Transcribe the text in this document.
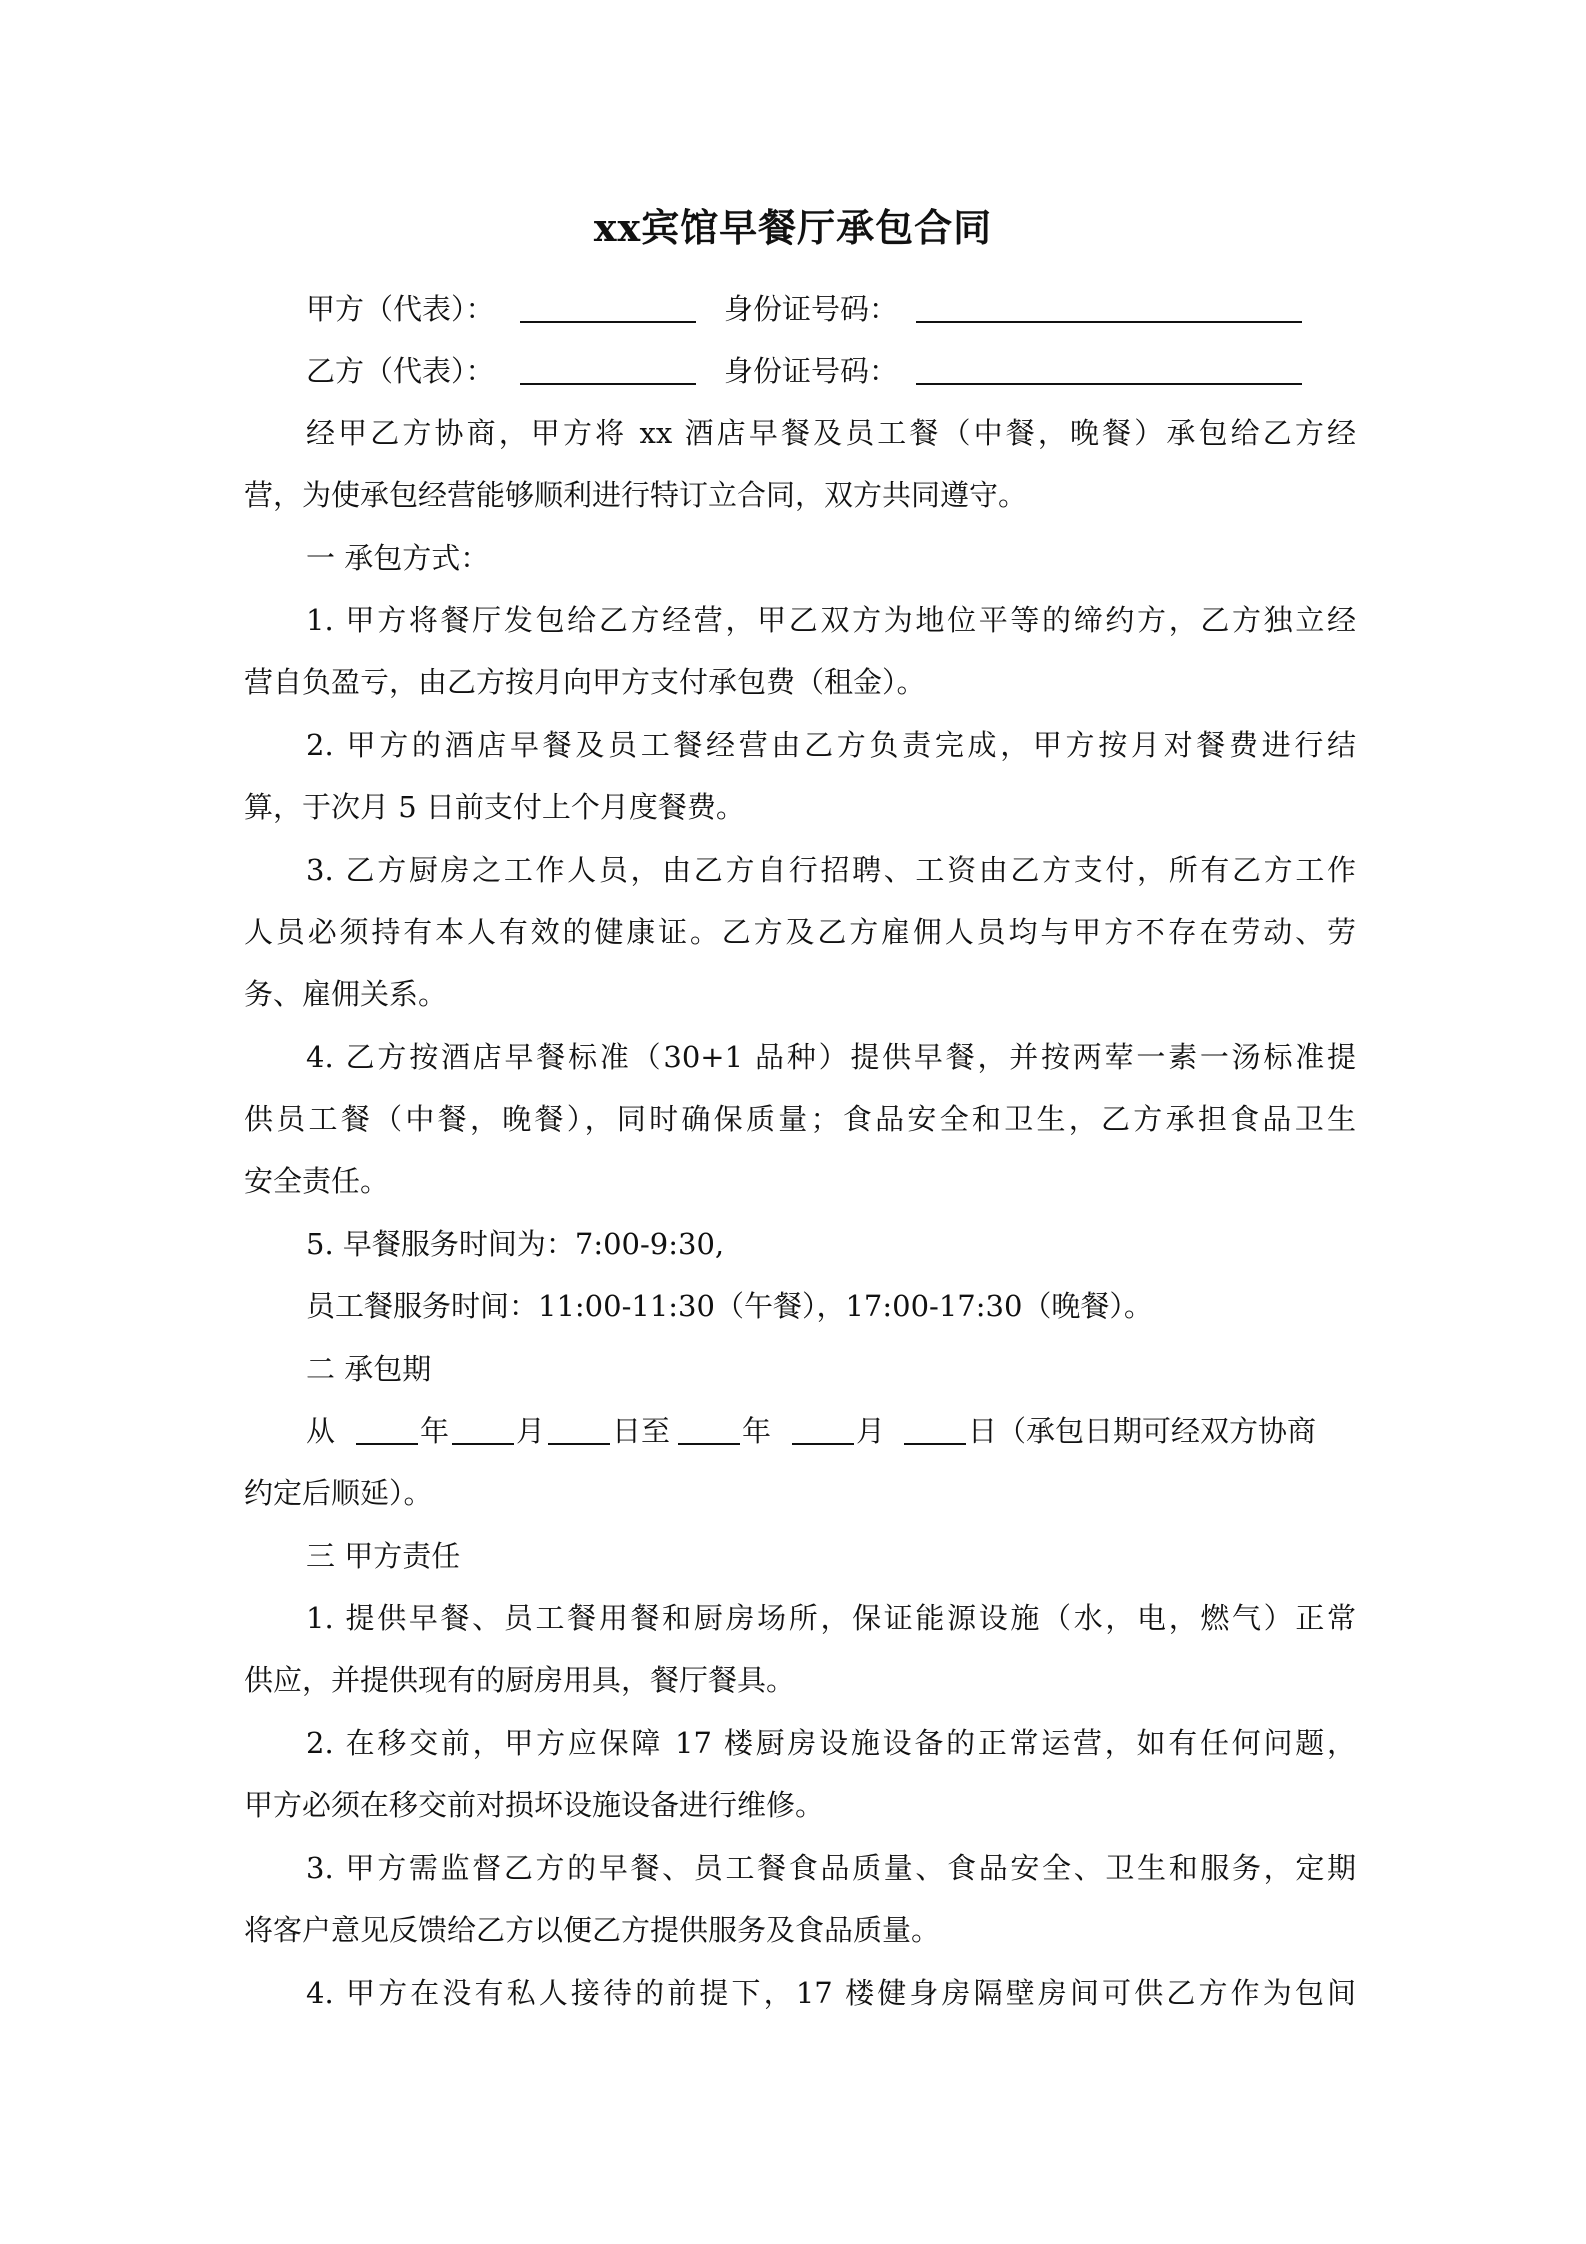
xx宾馆早餐厅承包合同
甲方（代表）：	身份证号码：
乙方（代表）：	身份证号码：
经甲乙方协商，甲方将 xx 酒店早餐及员工餐（中餐，晚餐）承包给乙方经
营，为使承包经营能够顺利进行特订立合同，双方共同遵守。
一 承包方式：
1. 甲方将餐厅发包给乙方经营，甲乙双方为地位平等的缔约方，乙方独立经
营自负盈亏，由乙方按月向甲方支付承包费（租金）。
2. 甲方的酒店早餐及员工餐经营由乙方负责完成，甲方按月对餐费进行结
算，于次月 5 日前支付上个月度餐费。
3. 乙方厨房之工作人员，由乙方自行招聘、工资由乙方支付，所有乙方工作
人员必须持有本人有效的健康证。乙方及乙方雇佣人员均与甲方不存在劳动、劳
务、雇佣关系。
4. 乙方按酒店早餐标准（30+1 品种）提供早餐，并按两荤一素一汤标准提
供员工餐（中餐，晚餐），同时确保质量；食品安全和卫生，乙方承担食品卫生
安全责任。
5. 早餐服务时间为：7:00-9:30,
员工餐服务时间：11:00-11:30（午餐），17:00-17:30（晚餐）。
二 承包期
从	年 月 日至 年	月	日（承包日期可经双方协商
约定后顺延）。
三 甲方责任
1. 提供早餐、员工餐用餐和厨房场所，保证能源设施（水，电，燃气）正常
供应，并提供现有的厨房用具，餐厅餐具。
2. 在移交前，甲方应保障 17 楼厨房设施设备的正常运营，如有任何问题，
甲方必须在移交前对损坏设施设备进行维修。
3. 甲方需监督乙方的早餐、员工餐食品质量、食品安全、卫生和服务，定期
将客户意见反馈给乙方以便乙方提供服务及食品质量。
4. 甲方在没有私人接待的前提下，17 楼健身房隔壁房间可供乙方作为包间
